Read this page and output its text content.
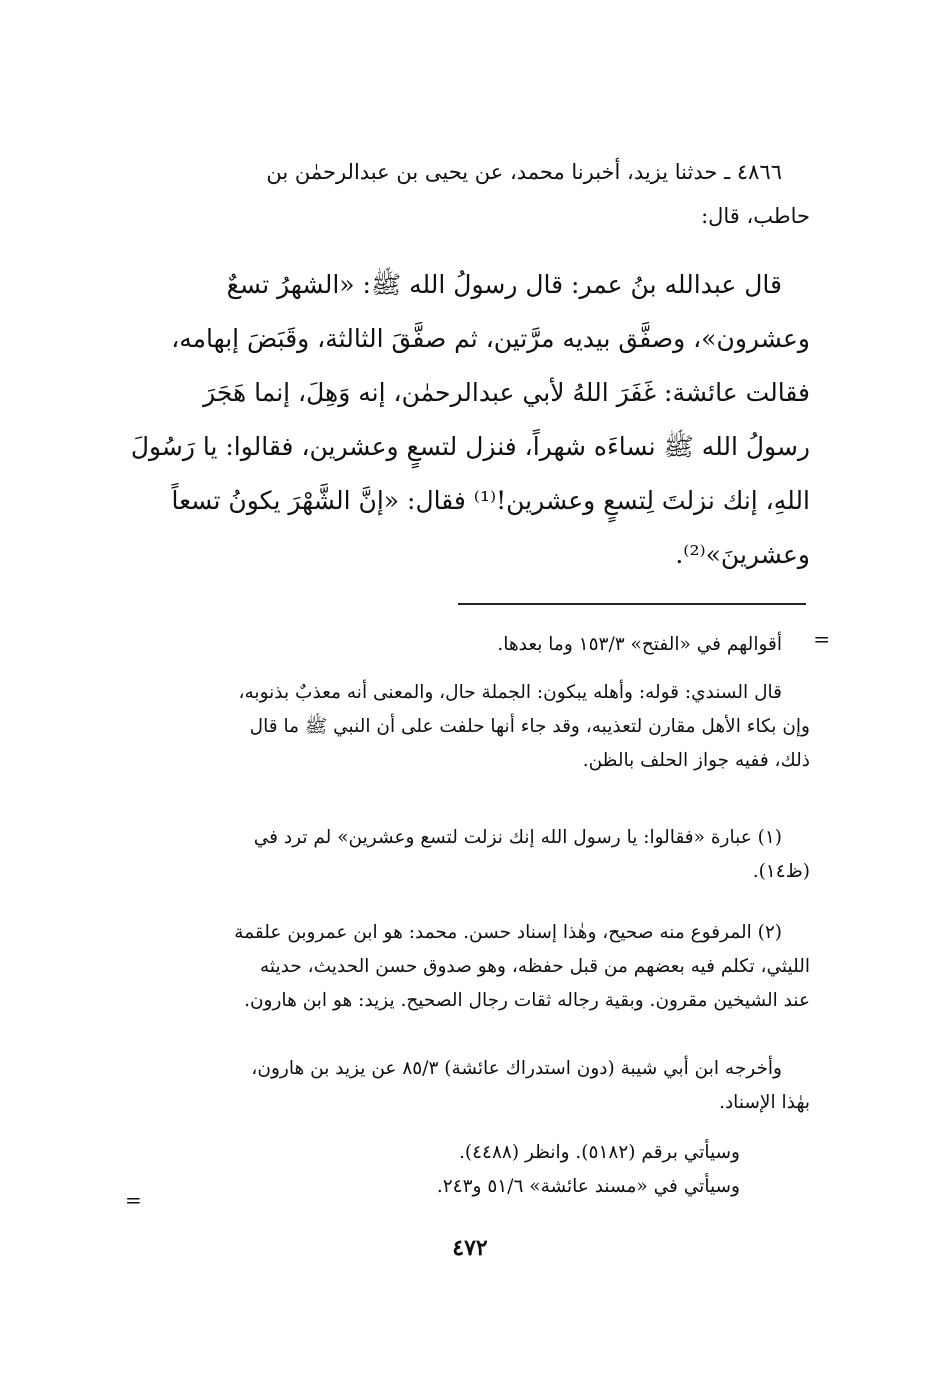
٤٨٦٦ ـ حدثنا يزيد، أخبرنا محمد، عن يحيى بن عبدالرحمٰن بن
حاطب، قال:
قال عبدالله بنُ عمر: قال رسولُ الله ﷺ: «الشهرُ تسعٌ
وعشرون»، وصفَّق بيديه مرَّتين، ثم صفَّقَ الثالثة، وقَبَضَ إبهامه،
فقالت عائشة: غَفَرَ اللهُ لأبي عبدالرحمٰن، إنه وَهِلَ، إنما هَجَرَ
رسولُ الله ﷺ نساءَه شهراً، فنزل لتسعٍ وعشرين، فقالوا: يا رَسُولَ
اللهِ، إنك نزلتَ لِتسعٍ وعشرين!⁽¹⁾ فقال: «إنَّ الشَّهْرَ يكونُ تسعاً
وعشرينَ»⁽²⁾.
=
أقوالهم في «الفتح» ١٥٣/٣ وما بعدها.
قال السندي: قوله: وأهله يبكون: الجملة حال، والمعنى أنه معذبٌ بذنوبه،
وإن بكاء الأهل مقارن لتعذيبه، وقد جاء أنها حلفت على أن النبي ﷺ ما قال
ذلك، ففيه جواز الحلف بالظن.
(١) عبارة «فقالوا: يا رسول الله إنك نزلت لتسع وعشرين» لم ترد في
(ظ١٤).
(٢) المرفوع منه صحيح، وهٰذا إسناد حسن. محمد: هو ابن عمروبن علقمة
الليثي، تكلم فيه بعضهم من قبل حفظه، وهو صدوق حسن الحديث، حديثه
عند الشيخين مقرون. وبقية رجاله ثقات رجال الصحيح. يزيد: هو ابن هارون.
وأخرجه ابن أبي شيبة (دون استدراك عائشة) ٨٥/٣ عن يزيد بن هارون،
بهٰذا الإسناد.
وسيأتي برقم (٥١٨٢). وانظر (٤٤٨٨).
وسيأتي في «مسند عائشة» ٥١/٦ و٢٤٣.
=
٤٧٢
